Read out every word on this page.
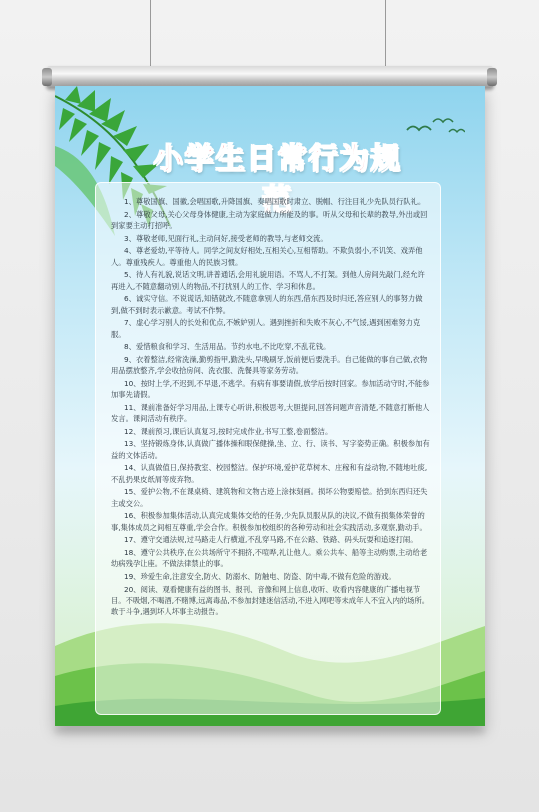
小学生日常行为规
1、尊敬国旗、国徽,会唱国歌,升降国旗、奏唱国歌时肃立、脱帽、行注目礼少先队员行队礼。
2、尊敬父母,关心父母身体健康,主动为家庭做力所能及的事。听从父母和长辈的教导,外出或回到家要主动打招呼。
3、尊敬老师,见面行礼,主动问好,接受老师的教导,与老师交流。
4、尊老爱幼,平等待人。同学之间友好相处,互相关心,互相帮助。不欺负弱小,不讥笑、戏弄他人。尊重残疾人。尊重他人的民族习惯。
5、待人有礼貌,说话文明,讲普通话,会用礼貌用语。不骂人,不打架。到他人房间先敲门,经允许再进入,不随意翻动别人的物品,不打扰别人的工作、学习和休息。
6、诚实守信。不说谎话,知错就改,不随意拿别人的东西,借东西及时归还,答应别人的事努力做到,做不到时表示歉意。考试不作弊。
7、虚心学习别人的长处和优点,不嫉妒别人。遇到挫折和失败不灰心,不气馁,遇到困难努力克服。
8、爱惜粮食和学习、生活用品。节约水电,不比吃穿,不乱花钱。
9、衣着整洁,经常洗澡,勤剪指甲,勤洗头,早晚刷牙,饭前便后要洗手。自己能做的事自己做,衣物用品摆放整齐,学会收拾房间、洗衣服、洗餐具等家务劳动。
10、按时上学,不迟到,不早退,不逃学。有病有事要请假,放学后按时回家。参加活动守时,不能参加事先请假。
11、课前准备好学习用品,上课专心听讲,积极思考,大胆提问,回答问题声音清楚,不随意打断他人发言。课间活动有秩序。
12、课前预习,课后认真复习,按时完成作业,书写工整,卷面整洁。
13、坚持锻炼身体,认真做广播体操和眼保健操,坐、立、行、读书、写字姿势正确。积极参加有益的文体活动。
14、认真做值日,保持教室、校园整洁。保护环境,爱护花草树木、庄稼和有益动物,不随地吐痰,不乱扔果皮纸屑等废弃物。
15、爱护公物,不在课桌椅、建筑物和文物古迹上涂抹刻画。损坏公物要赔偿。拾到东西归还失主或交公。
16、积极参加集体活动,认真完成集体交给的任务,少先队员服从队的决议,不做有损集体荣誉的事,集体成员之间相互尊重,学会合作。积极参加校组织的各种劳动和社会实践活动,多观察,勤动手。
17、遵守交通法规,过马路走人行横道,不乱穿马路,不在公路、铁路、码头玩耍和追逐打闹。
18、遵守公共秩序,在公共场所守不拥挤,不喧哗,礼让他人。乘公共车、船等主动购票,主动给老幼病残孕让座。不做法律禁止的事。
19、珍爱生命,注意安全,防火、防溺水、防触电、防盗、防中毒,不做有危险的游戏。
20、阅读、观看健康有益的图书、报刊、音像和网上信息,收听、收看内容健康的广播电视节目。不吸烟,不喝酒,不赌博,远离毒品,不参加封建迷信活动,不进入网吧等未成年人不宜入内的场所。敢于斗争,遇到坏人坏事主动报告。
